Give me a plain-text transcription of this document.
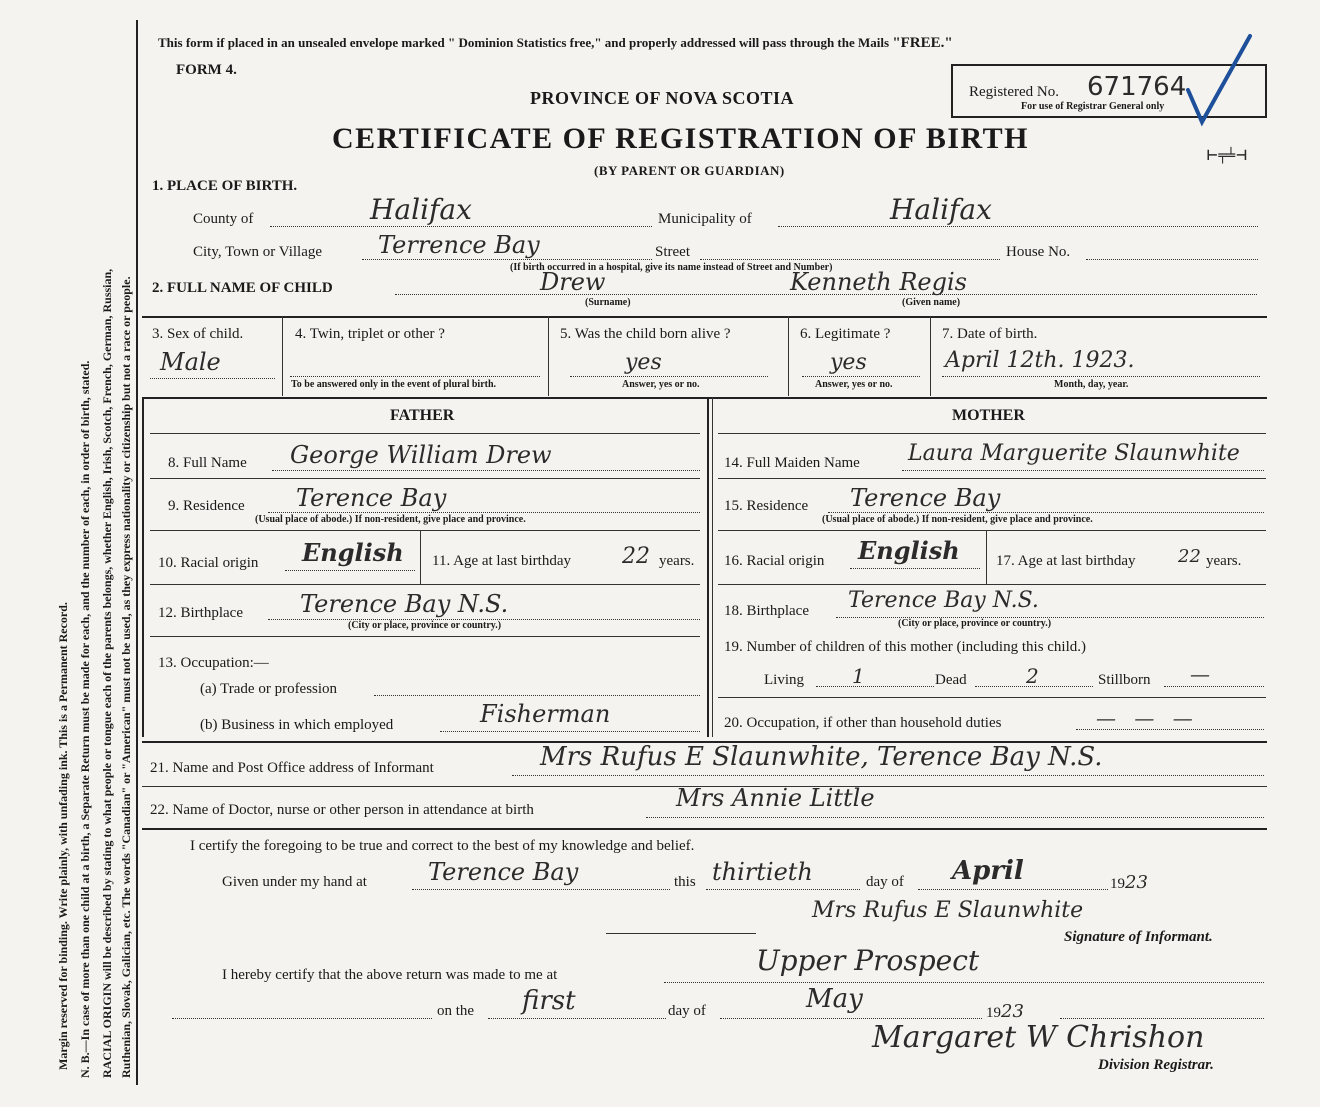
Margin reserved for binding. Write plainly, with unfading ink. This is a Permanent Record. N. B.—In case of more than one child at a birth, a Separate Return must be made for each, and the number of each, in order of birth, stated. RACIAL ORIGIN will be described by stating to what people or tongue each of the parents belongs, whether English, Irish, Scotch, French, German, Russian, Ruthenian, Slovak, Galician, etc. The words "Canadian" or "American" must not be used, as they express nationality or citizenship but not a race or people.
This form if placed in an unsealed envelope marked " Dominion Statistics free," and properly addressed will pass through the Mails "FREE."
FORM 4.
PROVINCE OF NOVA SCOTIA
CERTIFICATE OF REGISTRATION OF BIRTH
(BY PARENT OR GUARDIAN)
Registered No. 671764
For use of Registrar General only
⊢╤╧⊣
1. PLACE OF BIRTH.
County of	Halifax	Municipality of	Halifax
City, Town or Village Terrence Bay	Street	House No.
(If birth occurred in a hospital, give its name instead of Street and Number)
2. FULL NAME OF CHILD	Drew	Kenneth Regis
(Surname)	(Given name)
3. Sex of child.
Male
4. Twin, triplet or other ?
To be answered only in the event of plural birth.
5. Was the child born alive ?
yes
Answer, yes or no.
6. Legitimate ?
yes
Answer, yes or no.
7. Date of birth.
April 12th. 1923.
Month, day, year.
FATHER	MOTHER
8. Full Name George William Drew
9. Residence Terence Bay
(Usual place of abode.) If non-resident, give place and province.
10. Racial origin English 11. Age at last birthday 22 years.
12. Birthplace Terence Bay N.S.
(City or place, province or country.)
13. Occupation:—
(a) Trade or profession
(b) Business in which employed	Fisherman
14. Full Maiden Name Laura Marguerite Slaunwhite
15. Residence Terence Bay
(Usual place of abode.) If non-resident, give place and province.
16. Racial origin English 17. Age at last birthday 22 years.
18. Birthplace Terence Bay N.S.
(City or place, province or country.)
19. Number of children of this mother (including this child.)
Living 1	Dead	2	Stillborn —
20. Occupation, if other than household duties	— — —
21. Name and Post Office address of Informant	Mrs Rufus E Slaunwhite, Terence Bay N.S.
22. Name of Doctor, nurse or other person in attendance at birth	Mrs Annie Little
I certify the foregoing to be true and correct to the best of my knowledge and belief.
Given under my hand at	Terence Bay	this thirtieth	day of April	1923
Mrs Rufus E Slaunwhite
Signature of Informant.
I hereby certify that the above return was made to me at	Upper Prospect
on the first	day of	May	1923
Margaret W Chrishon
Division Registrar.
